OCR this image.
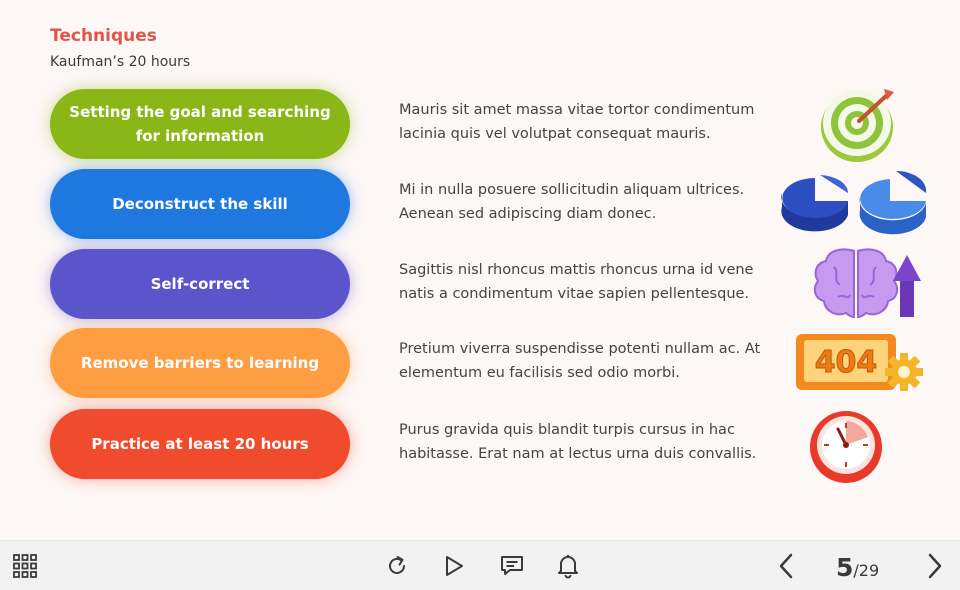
Techniques
Kaufman’s 20 hours
Setting the goal and searching for information
Mauris sit amet massa vitae tortor condimentum lacinia quis vel volutpat consequat mauris.
Deconstruct the skill
Mi in nulla posuere sollicitudin aliquam ultrices. Aenean sed adipiscing diam donec.
Self-correct
Sagittis nisl rhoncus mattis rhoncus urna id vene natis a condimentum vitae sapien pellentesque.
Remove barriers to learning
Pretium viverra suspendisse potenti nullam ac. At elementum eu facilisis sed odio morbi.	404
Practice at least 20 hours
Purus gravida quis blandit turpis cursus in hac habitasse. Erat nam at lectus urna duis convallis.
5/29
